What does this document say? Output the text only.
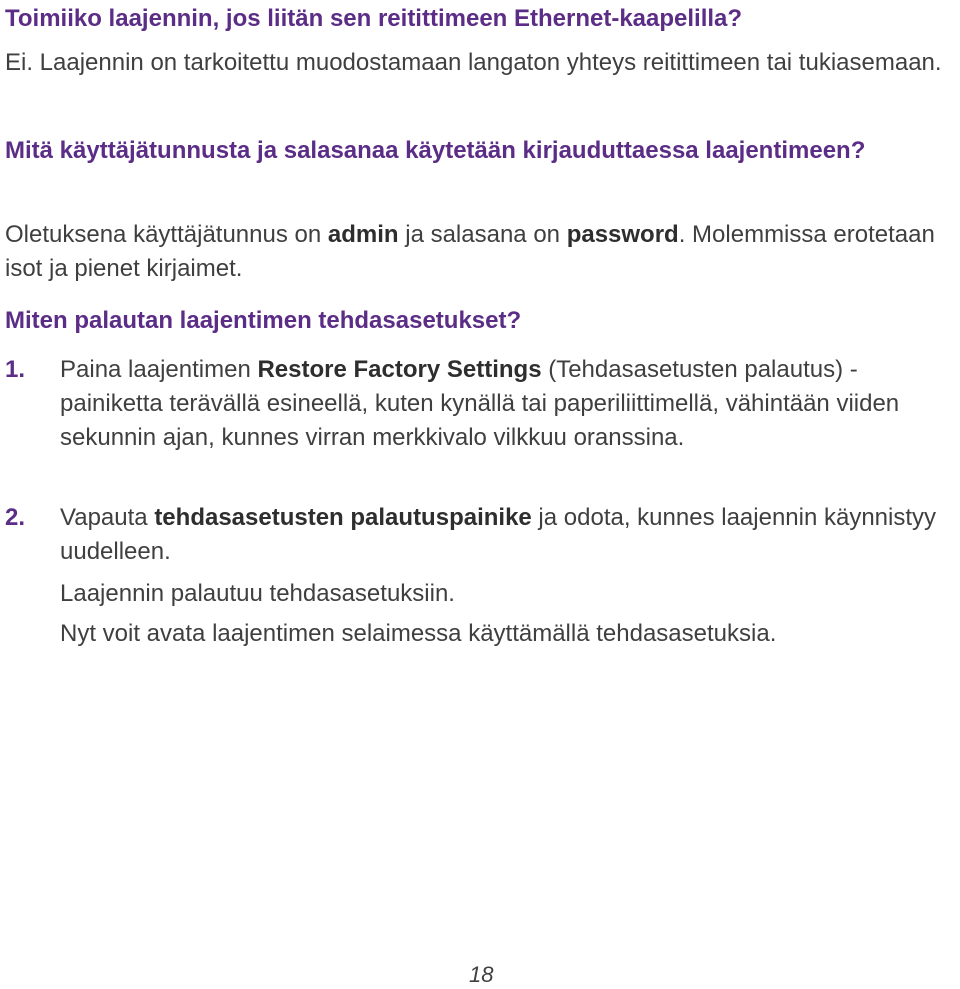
Toimiiko laajennin, jos liitän sen reitittimeen Ethernet-kaapelilla?

Ei. Laajennin on tarkoitettu muodostamaan langaton yhteys reitittimeen tai tukiasemaan.

Mitä käyttäjätunnusta ja salasanaa käytetään kirjauduttaessa laajentimeen?

Oletuksena käyttäjätunnus on admin ja salasana on password. Molemmissa erotetaan isot ja pienet kirjaimet.

Miten palautan laajentimen tehdasasetukset?

1. Paina laajentimen Restore Factory Settings (Tehdasasetusten palautus) -painiketta terävällä esineellä, kuten kynällä tai paperiliittimellä, vähintään viiden sekunnin ajan, kunnes virran merkkivalo vilkkuu oranssina.
2. Vapauta tehdasasetusten palautuspainike ja odota, kunnes laajennin käynnistyy uudelleen.
Laajennin palautuu tehdasasetuksiin.
Nyt voit avata laajentimen selaimessa käyttämällä tehdasasetuksia.
18
